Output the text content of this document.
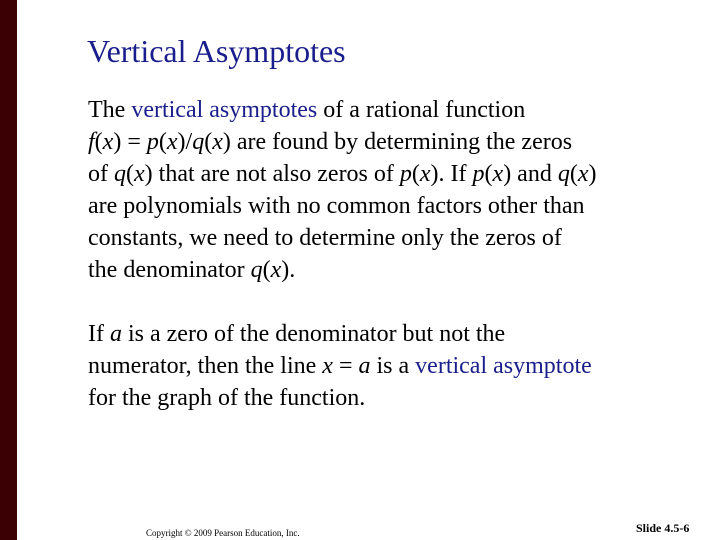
Vertical Asymptotes
The vertical asymptotes of a rational function
f(x) = p(x)/q(x) are found by determining the zeros
of q(x) that are not also zeros of p(x). If p(x) and q(x)
are polynomials with no common factors other than
constants, we need to determine only the zeros of
the denominator q(x).
If a is a zero of the denominator but not the
numerator, then the line x = a is a vertical asymptote
for the graph of the function.
Copyright © 2009 Pearson Education, Inc.	Slide 4.5-6
